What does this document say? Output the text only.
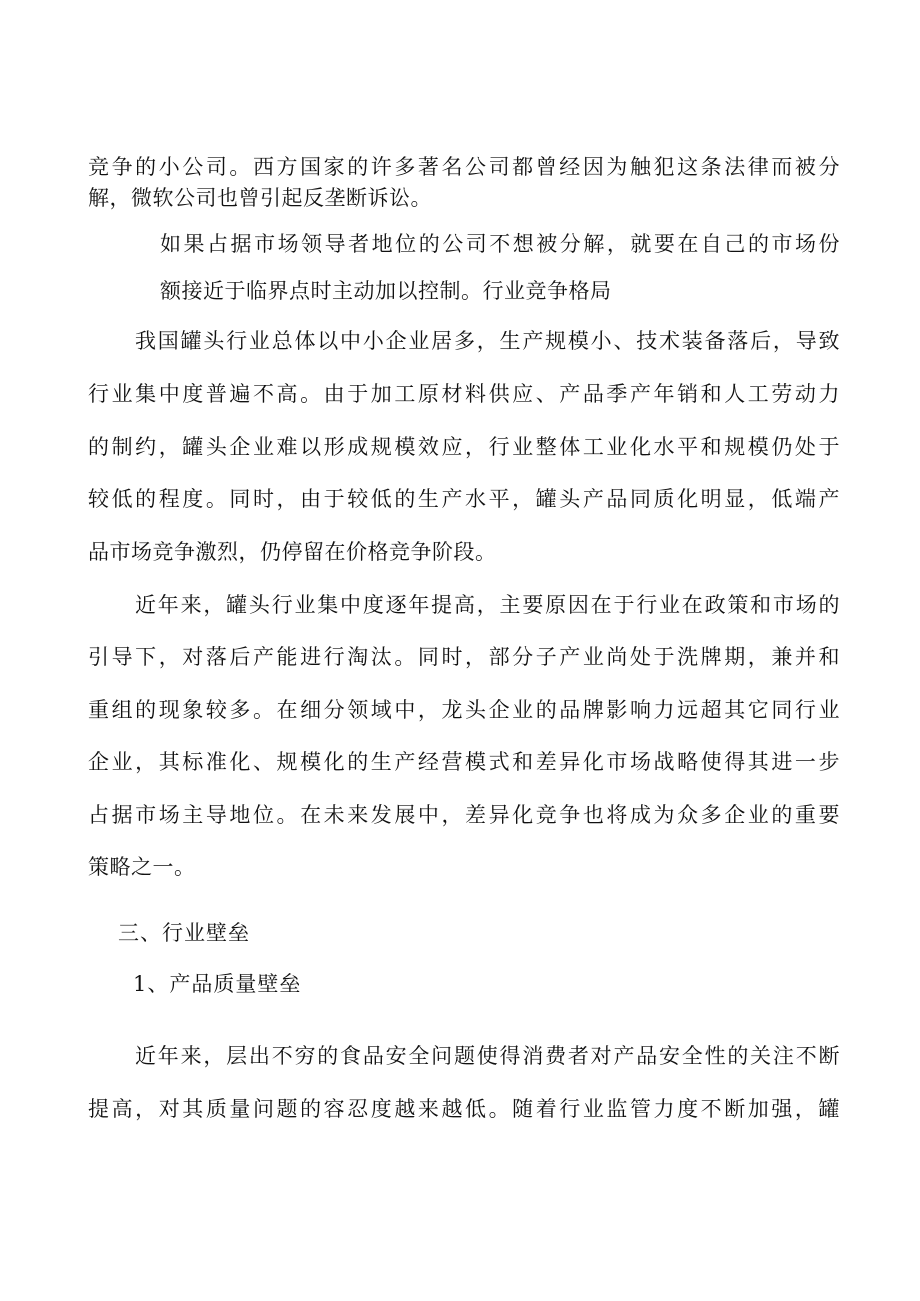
竞争的小公司。西方国家的许多著名公司都曾经因为触犯这条法律而被分
解，微软公司也曾引起反垄断诉讼。
如果占据市场领导者地位的公司不想被分解，就要在自己的市场份
额接近于临界点时主动加以控制。行业竞争格局
我国罐头行业总体以中小企业居多，生产规模小、技术装备落后，导致
行业集中度普遍不高。由于加工原材料供应、产品季产年销和人工劳动力
的制约，罐头企业难以形成规模效应，行业整体工业化水平和规模仍处于
较低的程度。同时，由于较低的生产水平，罐头产品同质化明显，低端产
品市场竞争激烈，仍停留在价格竞争阶段。
近年来，罐头行业集中度逐年提高，主要原因在于行业在政策和市场的
引导下，对落后产能进行淘汰。同时，部分子产业尚处于洗牌期，兼并和
重组的现象较多。在细分领域中，龙头企业的品牌影响力远超其它同行业
企业，其标准化、规模化的生产经营模式和差异化市场战略使得其进一步
占据市场主导地位。在未来发展中，差异化竞争也将成为众多企业的重要
策略之一。
三、行业壁垒
1、产品质量壁垒
近年来，层出不穷的食品安全问题使得消费者对产品安全性的关注不断
提高，对其质量问题的容忍度越来越低。随着行业监管力度不断加强，罐
